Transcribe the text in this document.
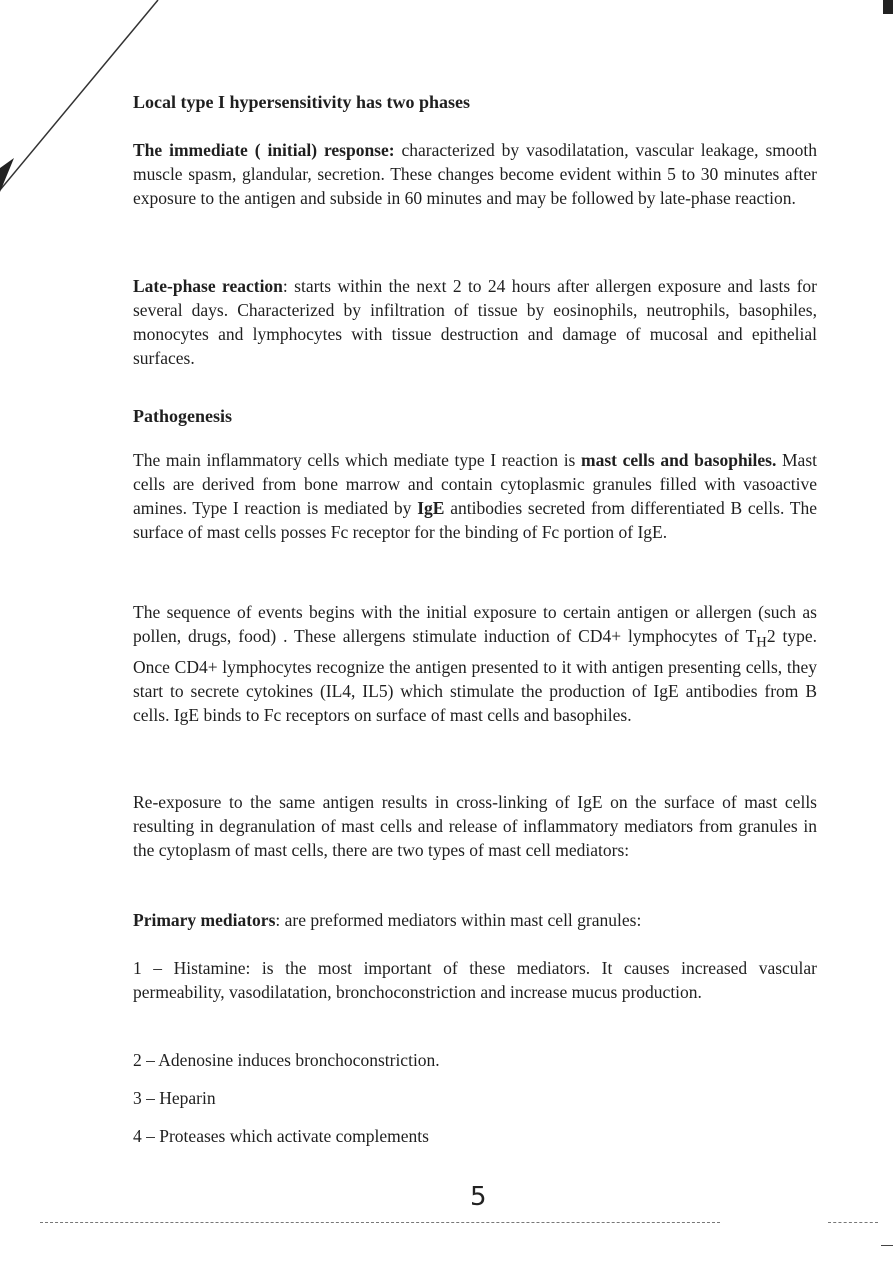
Local type I hypersensitivity has two phases
The immediate ( initial) response: characterized by vasodilatation, vascular leakage, smooth muscle spasm, glandular, secretion. These changes become evident within 5 to 30 minutes after exposure to the antigen and subside in 60 minutes and may be followed by late-phase reaction.
Late-phase reaction: starts within the next 2 to 24 hours after allergen exposure and lasts for several days. Characterized by infiltration of tissue by eosinophils, neutrophils, basophiles, monocytes and lymphocytes with tissue destruction and damage of mucosal and epithelial surfaces.
Pathogenesis
The main inflammatory cells which mediate type I reaction is mast cells and basophiles. Mast cells are derived from bone marrow and contain cytoplasmic granules filled with vasoactive amines. Type I reaction is mediated by IgE antibodies secreted from differentiated B cells. The surface of mast cells posses Fc receptor for the binding of Fc portion of IgE.
The sequence of events begins with the initial exposure to certain antigen or allergen (such as pollen, drugs, food) . These allergens stimulate induction of CD4+ lymphocytes of $T_H2$ type. Once CD4+ lymphocytes recognize the antigen presented to it with antigen presenting cells, they start to secrete cytokines (IL4, IL5) which stimulate the production of IgE antibodies from B cells. IgE binds to Fc receptors on surface of mast cells and basophiles.
Re-exposure to the same antigen results in cross-linking of IgE on the surface of mast cells resulting in degranulation of mast cells and release of inflammatory mediators from granules in the cytoplasm of mast cells, there are two types of mast cell mediators:
Primary mediators: are preformed mediators within mast cell granules:
1 – Histamine: is the most important of these mediators. It causes increased vascular permeability, vasodilatation, bronchoconstriction and increase mucus production.
2 – Adenosine induces bronchoconstriction.
3 – Heparin
4 – Proteases which activate complements
5
